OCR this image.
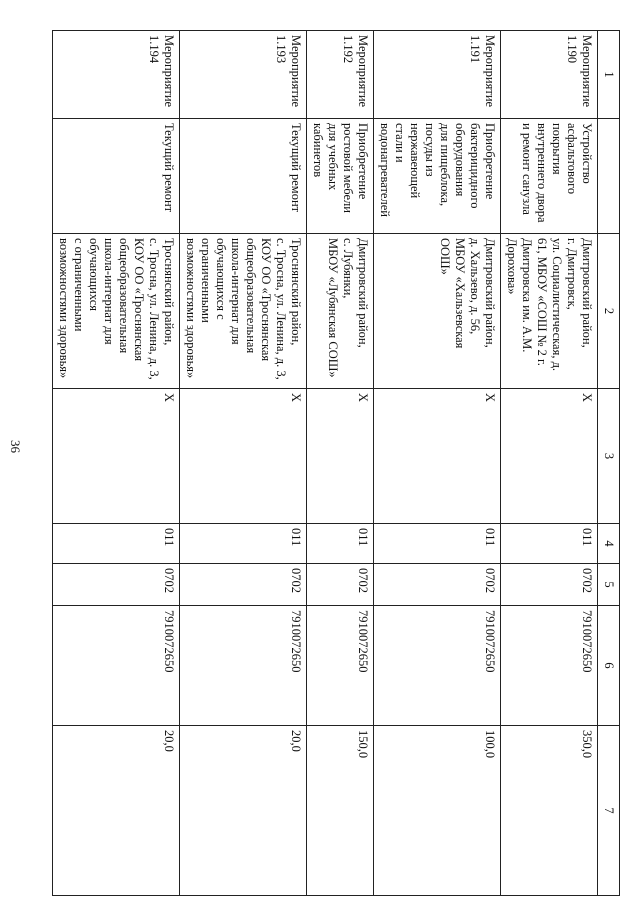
36
1		2	3	4	5	6	7
Мероприятие
1.190	Устройство асфальтового покрытия внутреннего двора и ремонт санузла	Дмитровский район,
г. Дмитровск,
ул. Социалистическая, д. 61, МБОУ «СОШ № 2 г. Дмитровска им. А.М. Дорохова»	X	011	0702	7910072650	350,0
Мероприятие
1.191	Приобретение бактерицидного оборудования
для пищеблока, посуды из нержавеющей стали и водонагревателей	Дмитровский район,
д. Хальзево, д. 56,
МБОУ «Хальзевская ООШ»	X	011	0702	7910072650	100,0
Мероприятие
1.192	Приобретение ростовой мебели для учебных кабинетов	Дмитровский район,
с. Лубянки,
МБОУ «Лубянская СОШ»	X	011	0702	7910072650	150,0
Мероприятие
1.193	Текущий ремонт	Троснянский район,
с. Тросна, ул. Ленина, д. 3, КОУ ОО «Троснянская общеобразовательная школа-интернат для обучающихся с ограниченными возможностями здоровья»	X	011	0702	7910072650	20,0
Мероприятие
1.194	Текущий ремонт	Троснянский район,
с. Тросна, ул. Ленина, д. 3, КОУ ОО «Троснянская общеобразовательная школа-интернат для обучающихся
с ограниченными возможностями здоровья»	X	011	0702	7910072650	20,0
